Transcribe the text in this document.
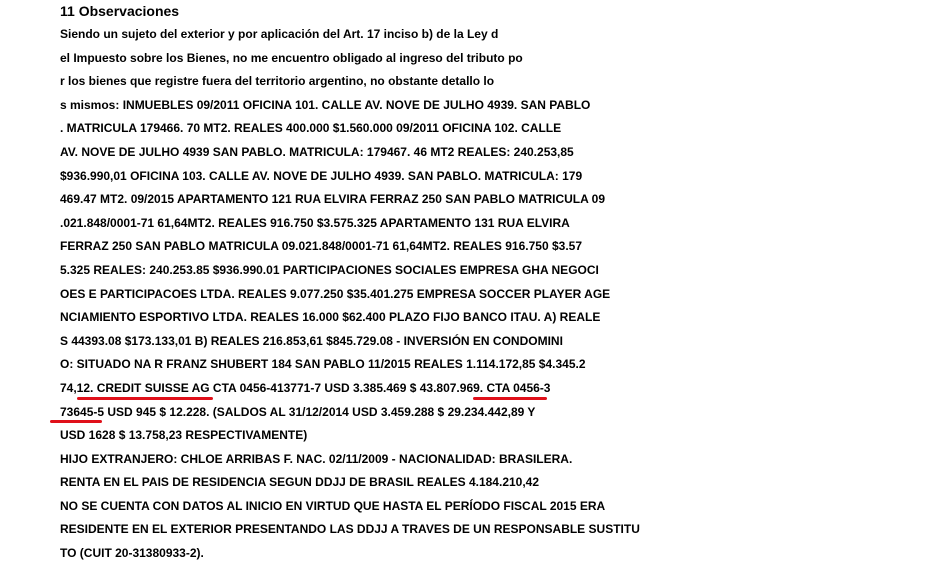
11 Observaciones
Siendo un sujeto del exterior y por aplicación del Art. 17 inciso b) de la Ley d
el Impuesto sobre los Bienes, no me encuentro obligado al ingreso del tributo po
r los bienes que registre fuera del territorio argentino, no obstante detallo lo
s mismos: INMUEBLES 09/2011 OFICINA 101. CALLE AV. NOVE DE JULHO 4939. SAN PABLO
. MATRICULA 179466. 70 MT2. REALES 400.000 $1.560.000 09/2011 OFICINA 102. CALLE
AV. NOVE DE JULHO 4939 SAN PABLO. MATRICULA: 179467. 46 MT2 REALES: 240.253,85
$936.990,01 OFICINA 103. CALLE AV. NOVE DE JULHO 4939. SAN PABLO. MATRICULA: 179
469.47 MT2. 09/2015 APARTAMENTO 121 RUA ELVIRA FERRAZ 250 SAN PABLO MATRICULA 09
.021.848/0001-71 61,64MT2. REALES 916.750 $3.575.325 APARTAMENTO 131 RUA ELVIRA
FERRAZ 250 SAN PABLO MATRICULA 09.021.848/0001-71 61,64MT2. REALES 916.750 $3.57
5.325 REALES: 240.253.85 $936.990.01 PARTICIPACIONES SOCIALES EMPRESA GHA NEGOCI
OES E PARTICIPACOES LTDA. REALES 9.077.250 $35.401.275 EMPRESA SOCCER PLAYER AGE
NCIAMIENTO ESPORTIVO LTDA. REALES 16.000 $62.400 PLAZO FIJO BANCO ITAU. A) REALE
S 44393.08 $173.133,01 B) REALES 216.853,61 $845.729.08 - INVERSIÓN EN CONDOMINI
O: SITUADO NA R FRANZ SHUBERT 184 SAN PABLO 11/2015 REALES 1.114.172,85 $4.345.2
74,12. CREDIT SUISSE AG CTA 0456-413771-7 USD 3.385.469 $ 43.807.969. CTA 0456-3
73645-5 USD 945 $ 12.228. (SALDOS AL 31/12/2014 USD 3.459.288 $ 29.234.442,89 Y
USD 1628 $ 13.758,23 RESPECTIVAMENTE)
HIJO EXTRANJERO: CHLOE ARRIBAS F. NAC. 02/11/2009 - NACIONALIDAD: BRASILERA.
RENTA EN EL PAIS DE RESIDENCIA SEGUN DDJJ DE BRASIL REALES 4.184.210,42
NO SE CUENTA CON DATOS AL INICIO EN VIRTUD QUE HASTA EL PERÍODO FISCAL 2015 ERA
RESIDENTE EN EL EXTERIOR PRESENTANDO LAS DDJJ A TRAVES DE UN RESPONSABLE SUSTITU
TO (CUIT 20-31380933-2).
